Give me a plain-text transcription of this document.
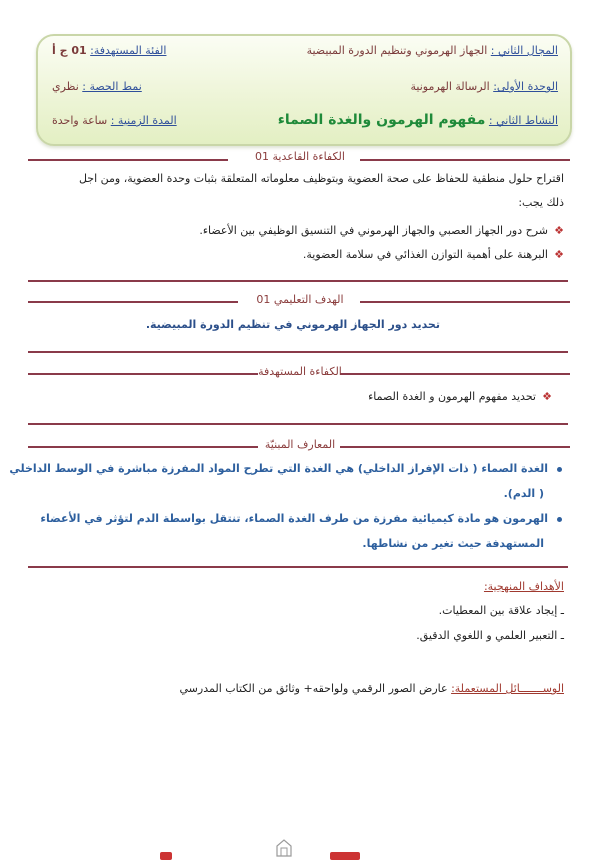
المجال الثاني : الجهاز الهرموني وتنظيم الدورة المبيضية
الفئة المستهدفة: 01 ج أ
الوحدة الأولى: الرسالة الهرمونية
نمط الحصة : نظري
النشاط الثاني : مفهوم الهرمون والغدة الصماء
المدة الزمنية : ساعة واحدة
الكفاءة القاعدية 01
اقتراح حلول منطقية للحفاظ على صحة العضوية وبتوظيف معلوماته المتعلقة بثبات وحدة العضوية، ومن اجل
ذلك يجب:
❖
شرح دور الجهاز العصبي والجهاز الهرموني في التنسيق الوظيفي بين الأعضاء.
❖
البرهنة على أهمية التوازن الغذائي في سلامة العضوية.
الهدف التعليمي 01
تحديد دور الجهاز الهرموني في تنظيم الدورة المبيضية.
الكفاءة المستهدفة
❖
تحديد مفهوم الهرمون و الغدة الصماء
المعارف المبنيّة
الغدة الصماء ( ذات الإفراز الداخلي) هي الغدة التي تطرح المواد المفرزة مباشرة في الوسط الداخلي
( الدم).
الهرمون هو مادة كيميائية مفرزة من طرف الغدة الصماء، تنتقل بواسطة الدم لتؤثر في الأعضاء
المستهدفة حيث تغير من نشاطها.
الأهداف المنهجية:
ـ إيجاد علاقة بين المعطيات.
ـ التعبير العلمي و اللغوي الدقيق.
الوســـــــائل المستعملة: عارض الصور الرقمي ولواحقه+ وثائق من الكتاب المدرسي
